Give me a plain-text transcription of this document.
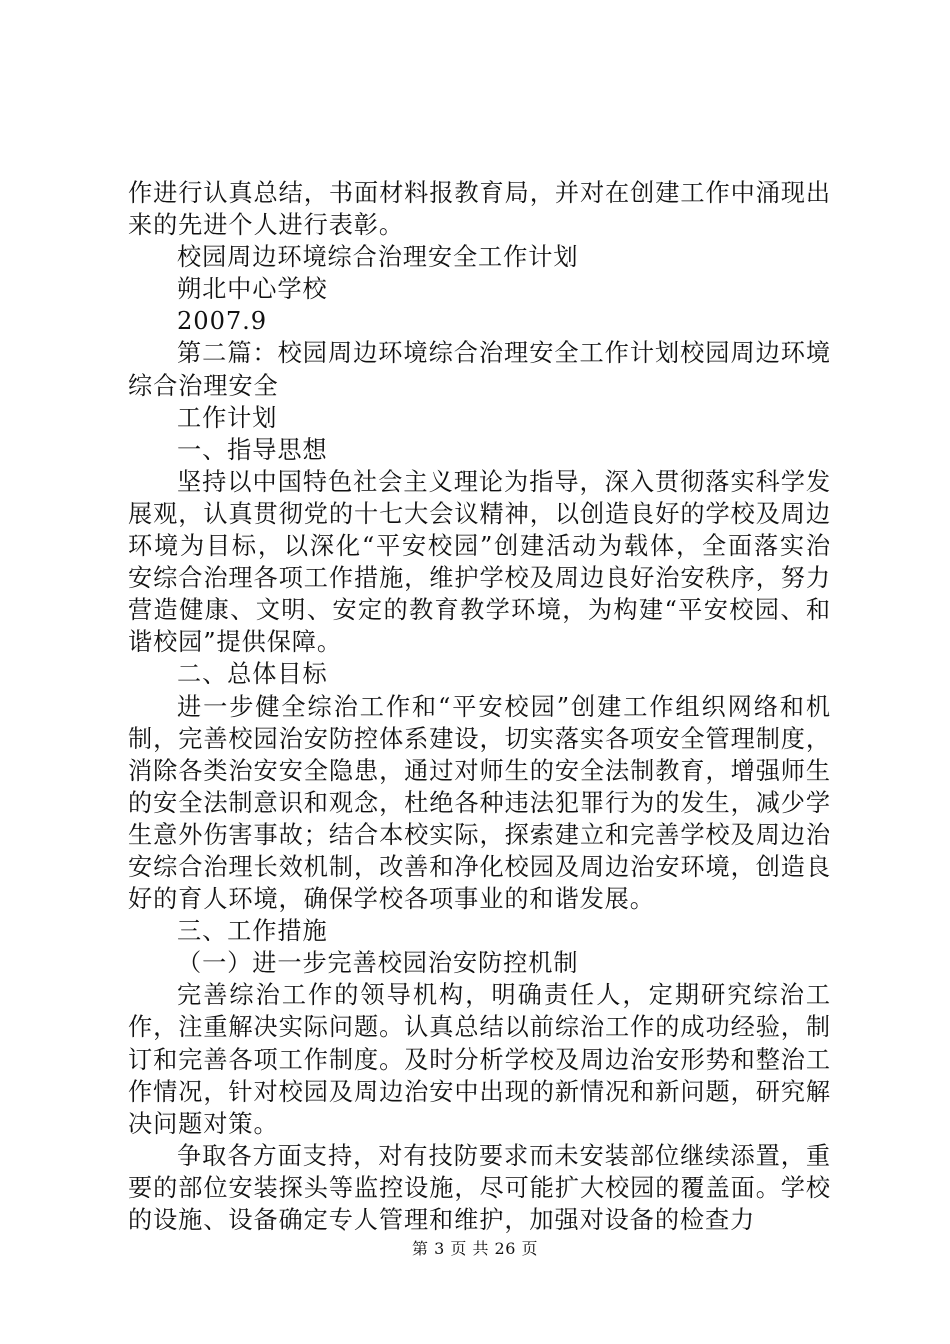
作进行认真总结，书面材料报教育局，并对在创建工作中涌现出来的先进个人进行表彰。

校园周边环境综合治理安全工作计划

朔北中心学校

2007.9

第二篇：校园周边环境综合治理安全工作计划校园周边环境综合治理安全

工作计划

一、指导思想

坚持以中国特色社会主义理论为指导，深入贯彻落实科学发展观，认真贯彻党的十七大会议精神，以创造良好的学校及周边环境为目标，以深化“平安校园”创建活动为载体，全面落实治安综合治理各项工作措施，维护学校及周边良好治安秩序，努力营造健康、文明、安定的教育教学环境，为构建“平安校园、和谐校园”提供保障。

二、总体目标

进一步健全综治工作和“平安校园”创建工作组织网络和机制，完善校园治安防控体系建设，切实落实各项安全管理制度，消除各类治安安全隐患，通过对师生的安全法制教育，增强师生的安全法制意识和观念，杜绝各种违法犯罪行为的发生，减少学生意外伤害事故；结合本校实际，探索建立和完善学校及周边治安综合治理长效机制，改善和净化校园及周边治安环境，创造良好的育人环境，确保学校各项事业的和谐发展。

三、工作措施

（一）进一步完善校园治安防控机制

完善综治工作的领导机构，明确责任人，定期研究综治工作，注重解决实际问题。认真总结以前综治工作的成功经验，制订和完善各项工作制度。及时分析学校及周边治安形势和整治工作情况，针对校园及周边治安中出现的新情况和新问题，研究解决问题对策。

争取各方面支持，对有技防要求而未安装部位继续添置，重要的部位安装探头等监控设施，尽可能扩大校园的覆盖面。学校的设施、设备确定专人管理和维护，加强对设备的检查力

第 3 页 共 26 页
